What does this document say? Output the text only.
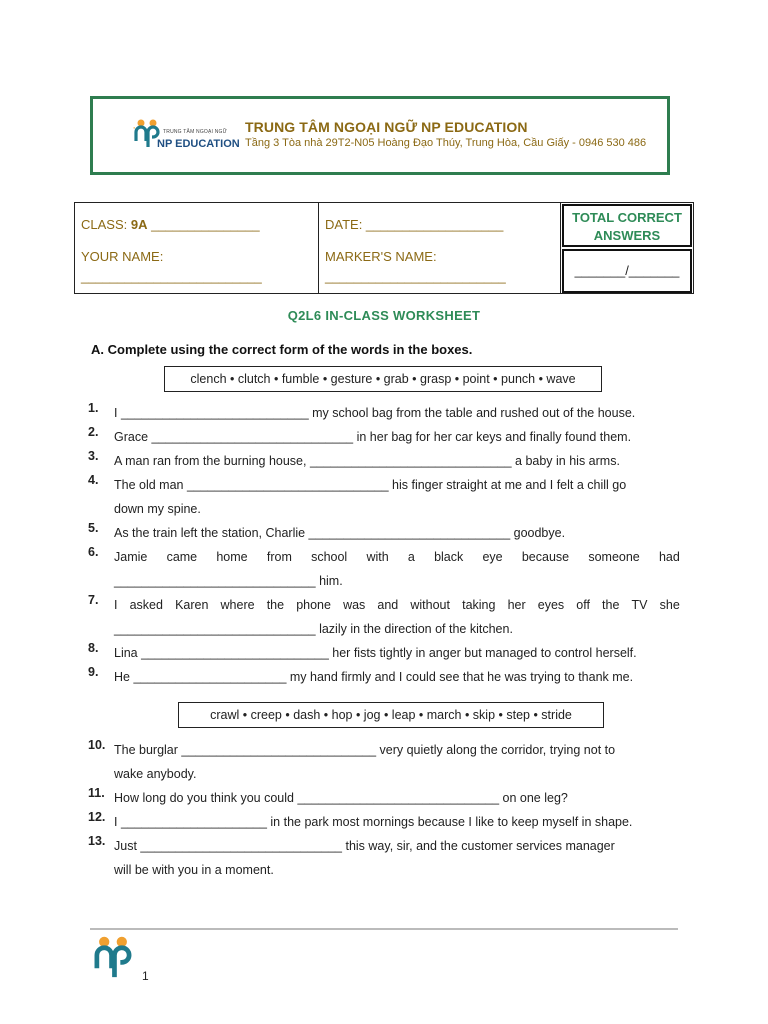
TRUNG TÂM NGOẠI NGỮ
NP EDUCATION
TRUNG TÂM NGOẠI NGỮ NP EDUCATION
Tầng 3 Tòa nhà 29T2-N05 Hoàng Đạo Thúy, Trung Hòa, Cầu Giấy - 0946 530 486
CLASS: 9A _______________
YOUR NAME:
_________________________
DATE: ___________________
MARKER'S NAME:
_________________________
TOTAL CORRECT
ANSWERS
_______/_______
Q2L6 IN-CLASS WORKSHEET
A. Complete using the correct form of the words in the boxes.
clench • clutch • fumble • gesture • grab • grasp • point • punch • wave
1. I ___________________________ my school bag from the table and rushed out of the house.
2. Grace _____________________________ in her bag for her car keys and finally found them.
3. A man ran from the burning house, _____________________________ a baby in his arms.
4. The old man _____________________________ his finger straight at me and I felt a chill go
down my spine.
5. As the train left the station, Charlie _____________________________ goodbye.
6. Jamie came home from school with a black eye because someone had
_____________________________ him.
7. I asked Karen where the phone was and without taking her eyes off the TV she
_____________________________ lazily in the direction of the kitchen.
8. Lina ___________________________ her fists tightly in anger but managed to control herself.
9. He ______________________ my hand firmly and I could see that he was trying to thank me.
crawl • creep • dash • hop • jog • leap • march • skip • step • stride
10. The burglar ____________________________ very quietly along the corridor, trying not to
wake anybody.
11. How long do you think you could _____________________________ on one leg?
12. I _____________________ in the park most mornings because I like to keep myself in shape.
13. Just _____________________________ this way, sir, and the customer services manager
will be with you in a moment.
1
